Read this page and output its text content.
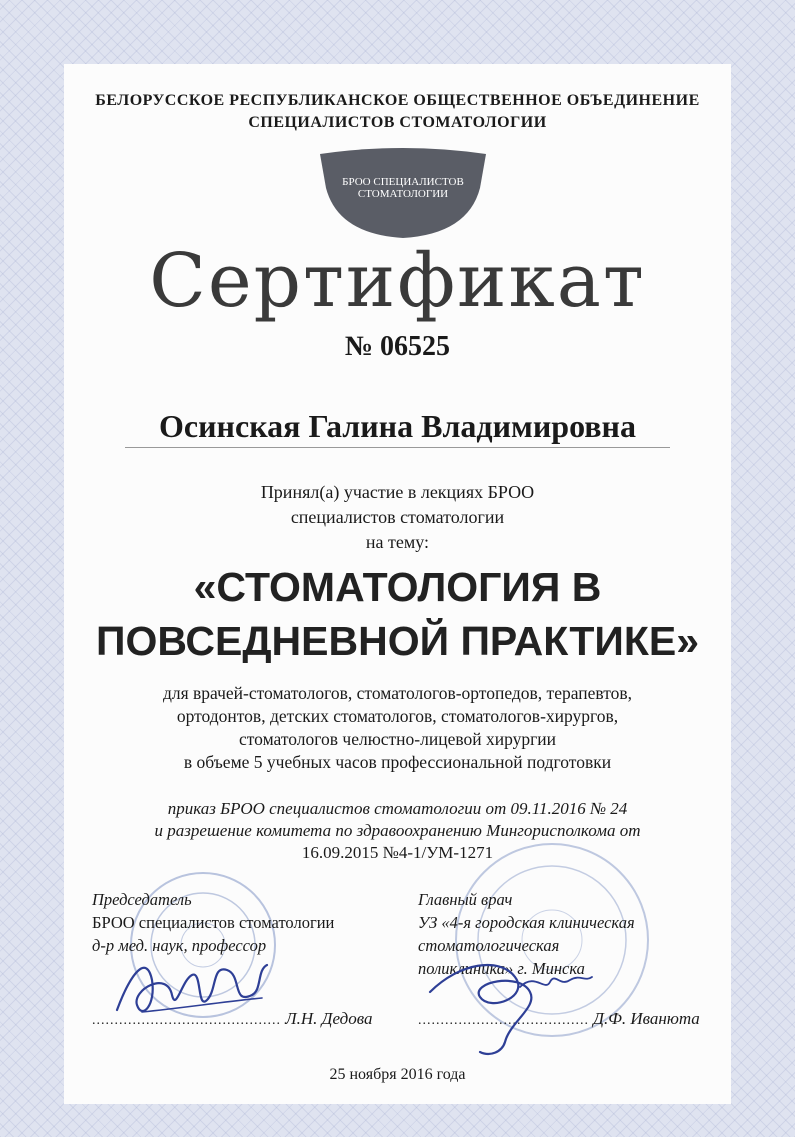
БЕЛОРУССКОЕ РЕСПУБЛИКАНСКОЕ ОБЩЕСТВЕННОЕ ОБЪЕДИНЕНИЕ
СПЕЦИАЛИСТОВ СТОМАТОЛОГИИ
БРОО СПЕЦИАЛИСТОВ
СТОМАТОЛОГИИ
Сертификат
№ 06525
Осинская Галина Владимировна
Принял(а) участие в лекциях БРОО
специалистов стоматологии
на тему:
«СТОМАТОЛОГИЯ В
ПОВСЕДНЕВНОЙ ПРАКТИКЕ»
для врачей-стоматологов, стоматологов-ортопедов, терапевтов,
ортодонтов, детских стоматологов, стоматологов-хирургов,
стоматологов челюстно-лицевой хирургии
в объеме 5 учебных часов профессиональной подготовки
приказ БРОО специалистов стоматологии от 09.11.2016 № 24
и разрешение комитета по здравоохранению Мингорисполкома от
16.09.2015 №4-1/УМ-1271
Председатель
БРОО специалистов стоматологии
д-р мед. наук, профессор
.......................................... Л.Н. Дедова
Главный врач
УЗ «4-я городская клиническая
стоматологическая
поликлиника» г. Минска
...................................... Д.Ф. Иванюта
25 ноября 2016 года
